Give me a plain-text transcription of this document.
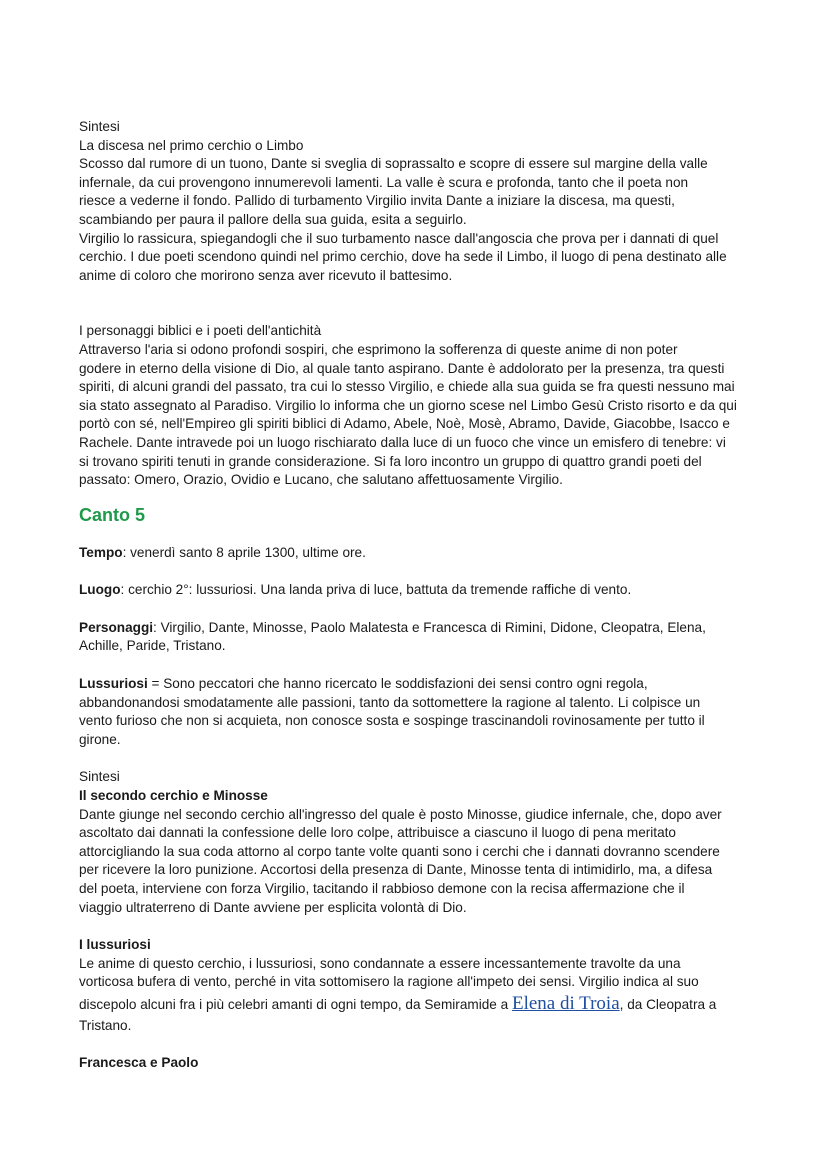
Sintesi
La discesa nel primo cerchio o Limbo
Scosso dal rumore di un tuono, Dante si sveglia di soprassalto e scopre di essere sul margine della valle
infernale, da cui provengono innumerevoli lamenti. La valle è scura e profonda, tanto che il poeta non
riesce a vederne il fondo. Pallido di turbamento Virgilio invita Dante a iniziare la discesa, ma questi,
scambiando per paura il pallore della sua guida, esita a seguirlo.
Virgilio lo rassicura, spiegandogli che il suo turbamento nasce dall'angoscia che prova per i dannati di quel
cerchio. I due poeti scendono quindi nel primo cerchio, dove ha sede il Limbo, il luogo di pena destinato alle
anime di coloro che morirono senza aver ricevuto il battesimo.
I personaggi biblici e i poeti dell'antichità
Attraverso l'aria si odono profondi sospiri, che esprimono la sofferenza di queste anime di non poter
godere in eterno della visione di Dio, al quale tanto aspirano. Dante è addolorato per la presenza, tra questi
spiriti, di alcuni grandi del passato, tra cui lo stesso Virgilio, e chiede alla sua guida se fra questi nessuno mai
sia stato assegnato al Paradiso. Virgilio lo informa che un giorno scese nel Limbo Gesù Cristo risorto e da qui
portò con sé, nell'Empireo gli spiriti biblici di Adamo, Abele, Noè, Mosè, Abramo, Davide, Giacobbe, Isacco e
Rachele. Dante intravede poi un luogo rischiarato dalla luce di un fuoco che vince un emisfero di tenebre: vi
si trovano spiriti tenuti in grande considerazione. Si fa loro incontro un gruppo di quattro grandi poeti del
passato: Omero, Orazio, Ovidio e Lucano, che salutano affettuosamente Virgilio.
Canto 5
Tempo: venerdì santo 8 aprile 1300, ultime ore.
Luogo: cerchio 2°: lussuriosi. Una landa priva di luce, battuta da tremende raffiche di vento.
Personaggi: Virgilio, Dante, Minosse, Paolo Malatesta e Francesca di Rimini, Didone, Cleopatra, Elena,
Achille, Paride, Tristano.
Lussuriosi = Sono peccatori che hanno ricercato le soddisfazioni dei sensi contro ogni regola,
abbandonandosi smodatamente alle passioni, tanto da sottomettere la ragione al talento. Li colpisce un
vento furioso che non si acquieta, non conosce sosta e sospinge trascinandoli rovinosamente per tutto il
girone.
Sintesi
Il secondo cerchio e Minosse
Dante giunge nel secondo cerchio all'ingresso del quale è posto Minosse, giudice infernale, che, dopo aver
ascoltato dai dannati la confessione delle loro colpe, attribuisce a ciascuno il luogo di pena meritato
attorcigliando la sua coda attorno al corpo tante volte quanti sono i cerchi che i dannati dovranno scendere
per ricevere la loro punizione. Accortosi della presenza di Dante, Minosse tenta di intimidirlo, ma, a difesa
del poeta, interviene con forza Virgilio, tacitando il rabbioso demone con la recisa affermazione che il
viaggio ultraterreno di Dante avviene per esplicita volontà di Dio.
I lussuriosi
Le anime di questo cerchio, i lussuriosi, sono condannate a essere incessantemente travolte da una
vorticosa bufera di vento, perché in vita sottomisero la ragione all'impeto dei sensi. Virgilio indica al suo
discepolo alcuni fra i più celebri amanti di ogni tempo, da Semiramide a Elena di Troia, da Cleopatra a
Tristano.
Francesca e Paolo
